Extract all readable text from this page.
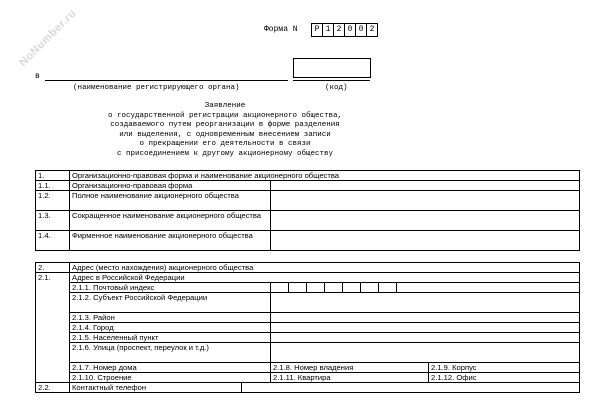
NoNumber.ru	Форма N	Р 1 2 0 0 2
в
(наименование регистрирующего органа)	(код)
Заявление
о государственной регистрации акционерного общества,
создаваемого путем реорганизации в форме разделения
или выделения, с одновременным внесением записи
о прекращении его деятельности в связи
с присоединением к другому акционерному обществу
1.	Организационно-правовая форма и наименование акционерного общества	
1.1.	Организационно-правовая форма	
1.2.	Полное наименование акционерного общества	
1.3.	Сокращенное наименование акционерного общества	
1.4.	Фирменное наименование акционерного общества	
2.	Адрес (место нахождения) акционерного общества			
2.1.	Адрес в Российской Федерации			
	2.1.1. Почтовый индекс			

	2.1.2. Субъект Российской Федерации			
	2.1.3. Район			
	2.1.4. Город			
	2.1.5. Населенный пункт			
	2.1.6. Улица (проспект, переулок и т.д.)			
	2.1.7. Номер дома		2.1.8. Номер владения	2.1.9. Корпус
	2.1.10. Строение		2.1.11. Квартира	2.1.12. Офис
2.2.	Контактный телефон			
